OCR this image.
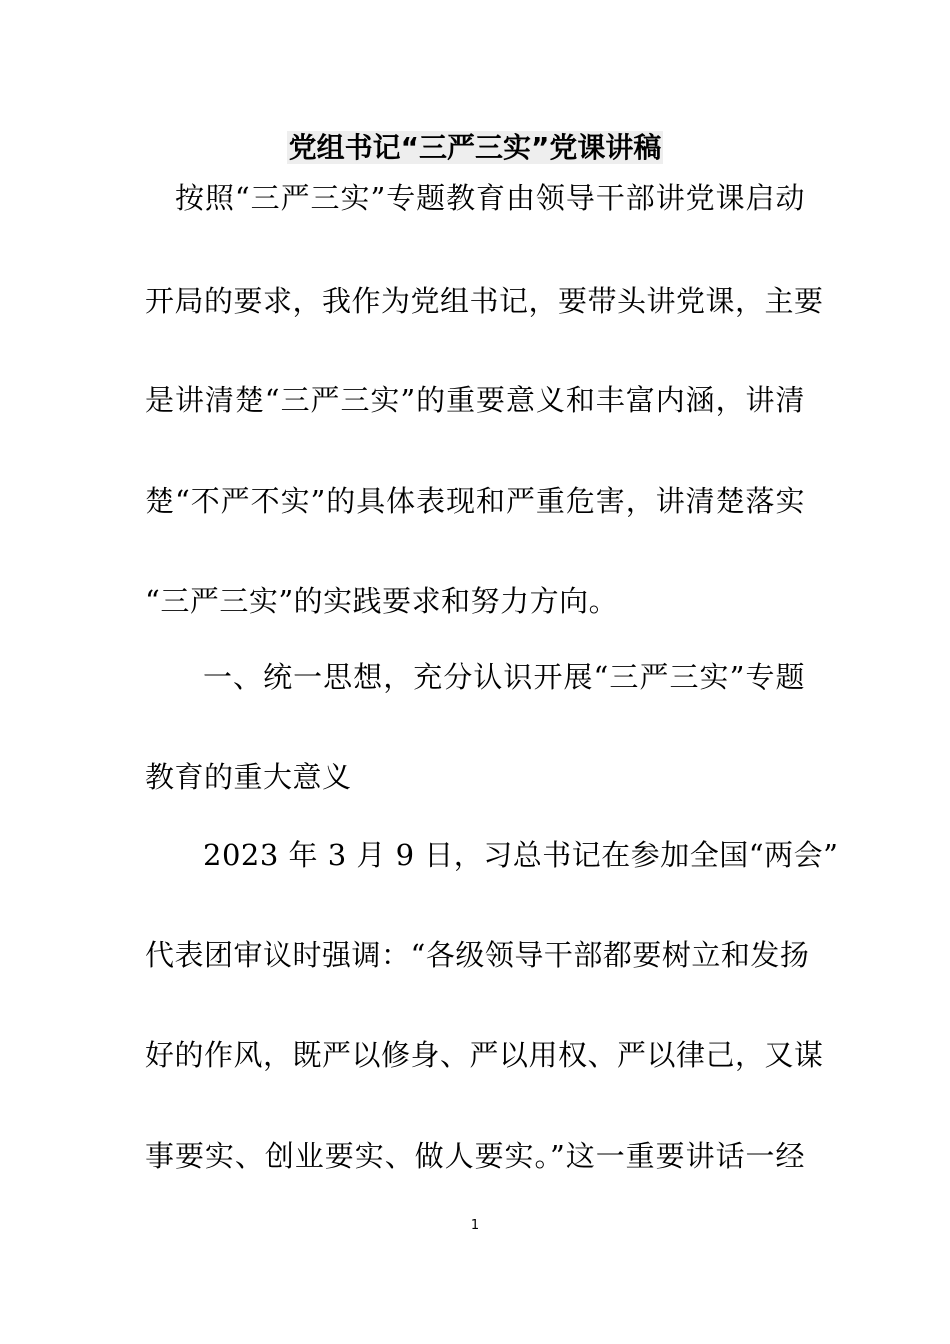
党组书记“三严三实”党课讲稿

按照“三严三实”专题教育由领导干部讲党课启动

开局的要求，我作为党组书记，要带头讲党课，主要

是讲清楚“三严三实”的重要意义和丰富内涵，讲清

楚“不严不实”的具体表现和严重危害，讲清楚落实

“三严三实”的实践要求和努力方向。

一、统一思想，充分认识开展“三严三实”专题

教育的重大意义

2023 年 3 月 9 日，习总书记在参加全国“两会”

代表团审议时强调：“各级领导干部都要树立和发扬

好的作风，既严以修身、严以用权、严以律己，又谋

事要实、创业要实、做人要实。”这一重要讲话一经

1
